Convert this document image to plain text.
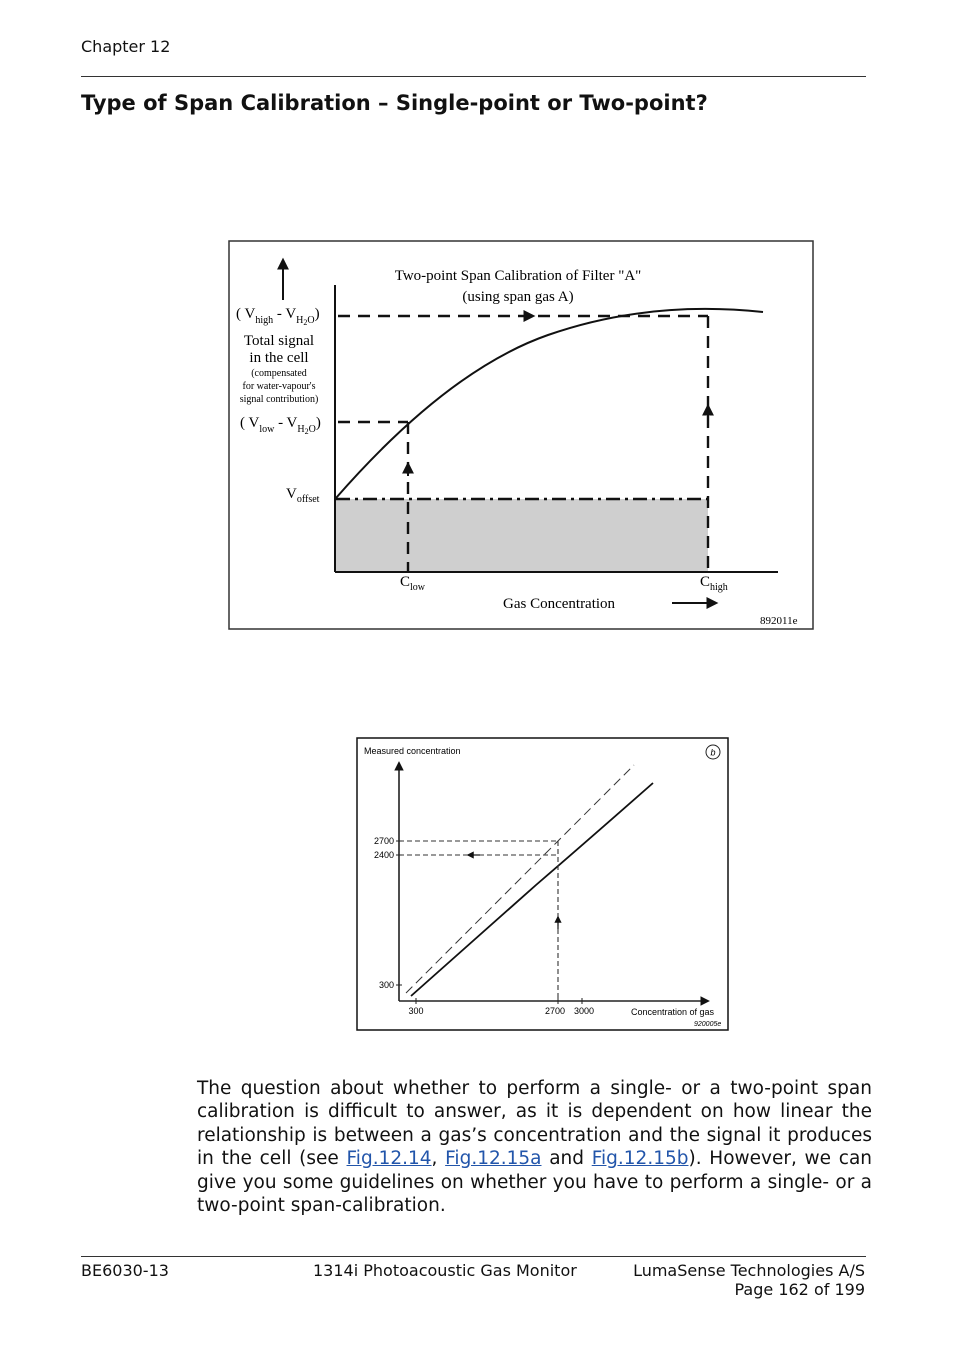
Chapter 12
Type of Span Calibration – Single-point or Two-point?
Two-point Span Calibration of Filter "A"
(using span gas A)
( $V_{high} - V_H2O$)
Total signal
in the cell
(compensated
for water-vapour's
signal contribution)
( $V_{low} - V_H2O$)
$V_{offset}$
$C_{low}$	$C_{high}$
Gas Concentration
892011e
Measured concentration	b
2700
2400
300
300	2700 3000	Concentration of gas
920005e
The question about whether to perform a single- or a two-point span calibration is difficult to answer, as it is dependent on how linear the relationship is between a gas’s concentration and the signal it produces in the cell (see Fig.12.14, Fig.12.15a and Fig.12.15b). However, we can give you some guidelines on whether you have to perform a single- or a two-point span-calibration.
BE6030-13	1314i Photoacoustic Gas Monitor	LumaSense Technologies A/S
Page 162 of 199
